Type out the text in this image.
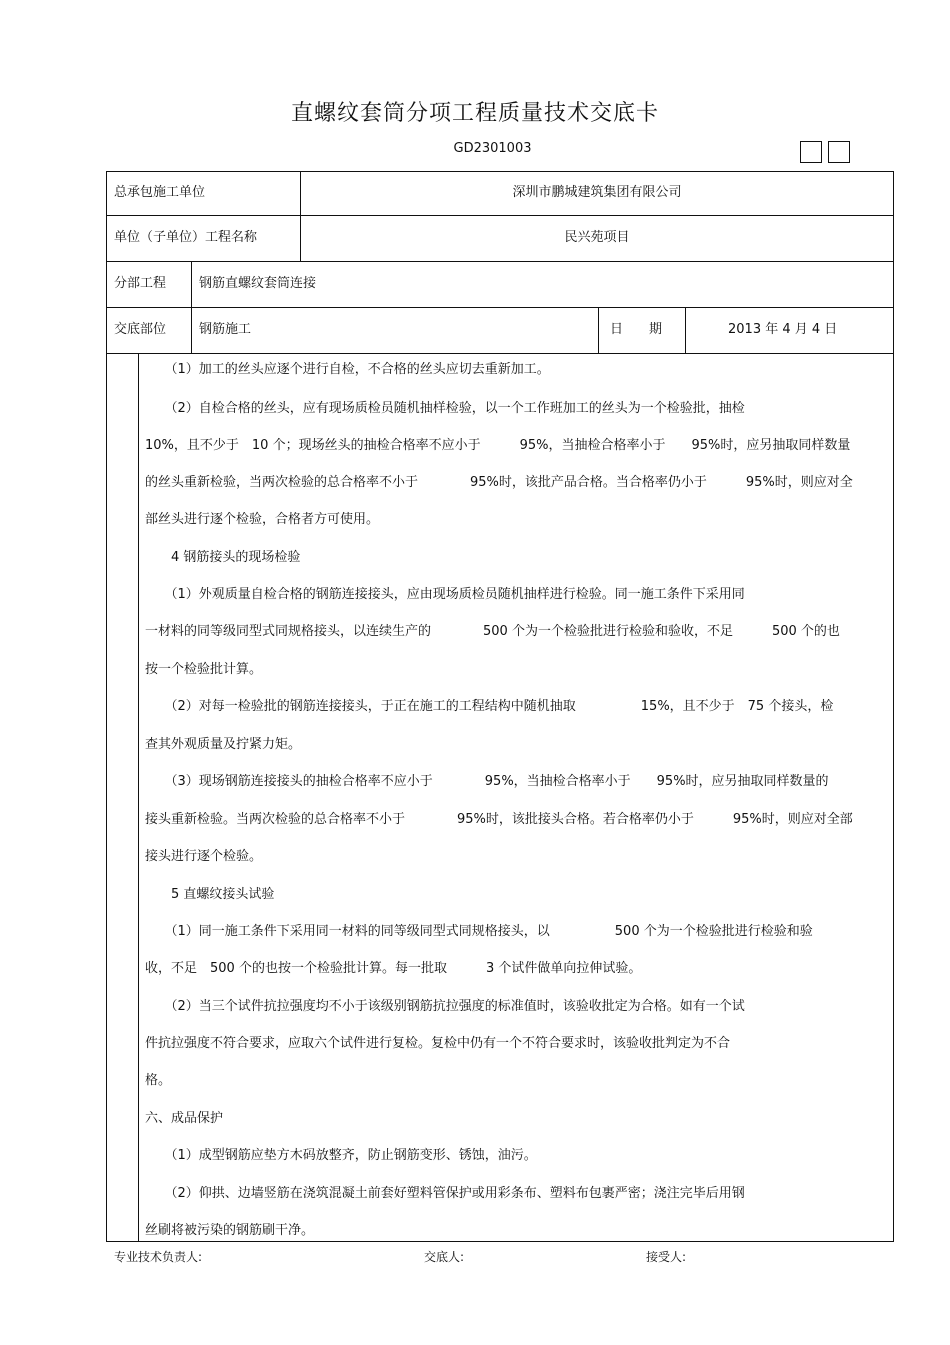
直螺纹套筒分项工程质量技术交底卡
GD2301003
总承包施工单位	深圳市鹏城建筑集团有限公司
单位（子单位）工程名称	民兴苑项目
分部工程	钢筋直螺纹套筒连接
交底部位	钢筋施工	日　　期	2013 年 4 月 4 日
　　（1）加工的丝头应逐个进行自检，不合格的丝头应切去重新加工。
　　（2）自检合格的丝头，应有现场质检员随机抽样检验，以一个工作班加工的丝头为一个检验批，抽检
10%，且不少于　10 个；现场丝头的抽检合格率不应小于　　　95%，当抽检合格率小于　　95%时，应另抽取同样数量
的丝头重新检验，当两次检验的总合格率不小于　　　　95%时，该批产品合格。当合格率仍小于　　　95%时，则应对全
部丝头进行逐个检验，合格者方可使用。
　　4 钢筋接头的现场检验
　　（1）外观质量自检合格的钢筋连接接头，应由现场质检员随机抽样进行检验。同一施工条件下采用同
一材料的同等级同型式同规格接头，以连续生产的　　　　500 个为一个检验批进行检验和验收，不足　　　500 个的也
按一个检验批计算。
　　（2）对每一检验批的钢筋连接接头，于正在施工的工程结构中随机抽取　　　　　15%，且不少于　75 个接头，检
查其外观质量及拧紧力矩。
　　（3）现场钢筋连接接头的抽检合格率不应小于　　　　95%，当抽检合格率小于　　95%时，应另抽取同样数量的
接头重新检验。当两次检验的总合格率不小于　　　　95%时，该批接头合格。若合格率仍小于　　　95%时，则应对全部
接头进行逐个检验。
　　5 直螺纹接头试验
　　（1）同一施工条件下采用同一材料的同等级同型式同规格接头，以　　　　　500 个为一个检验批进行检验和验
收，不足　500 个的也按一个检验批计算。每一批取　　　3 个试件做单向拉伸试验。
　　（2）当三个试件抗拉强度均不小于该级别钢筋抗拉强度的标准值时，该验收批定为合格。如有一个试
件抗拉强度不符合要求，应取六个试件进行复检。复检中仍有一个不符合要求时，该验收批判定为不合
格。
六、成品保护
　　（1）成型钢筋应垫方木码放整齐，防止钢筋变形、锈蚀，油污。
　　（2）仰拱、边墙竖筋在浇筑混凝土前套好塑料管保护或用彩条布、塑料布包裹严密；浇注完毕后用钢
丝刷将被污染的钢筋刷干净。
专业技术负责人:	交底人:	接受人:
